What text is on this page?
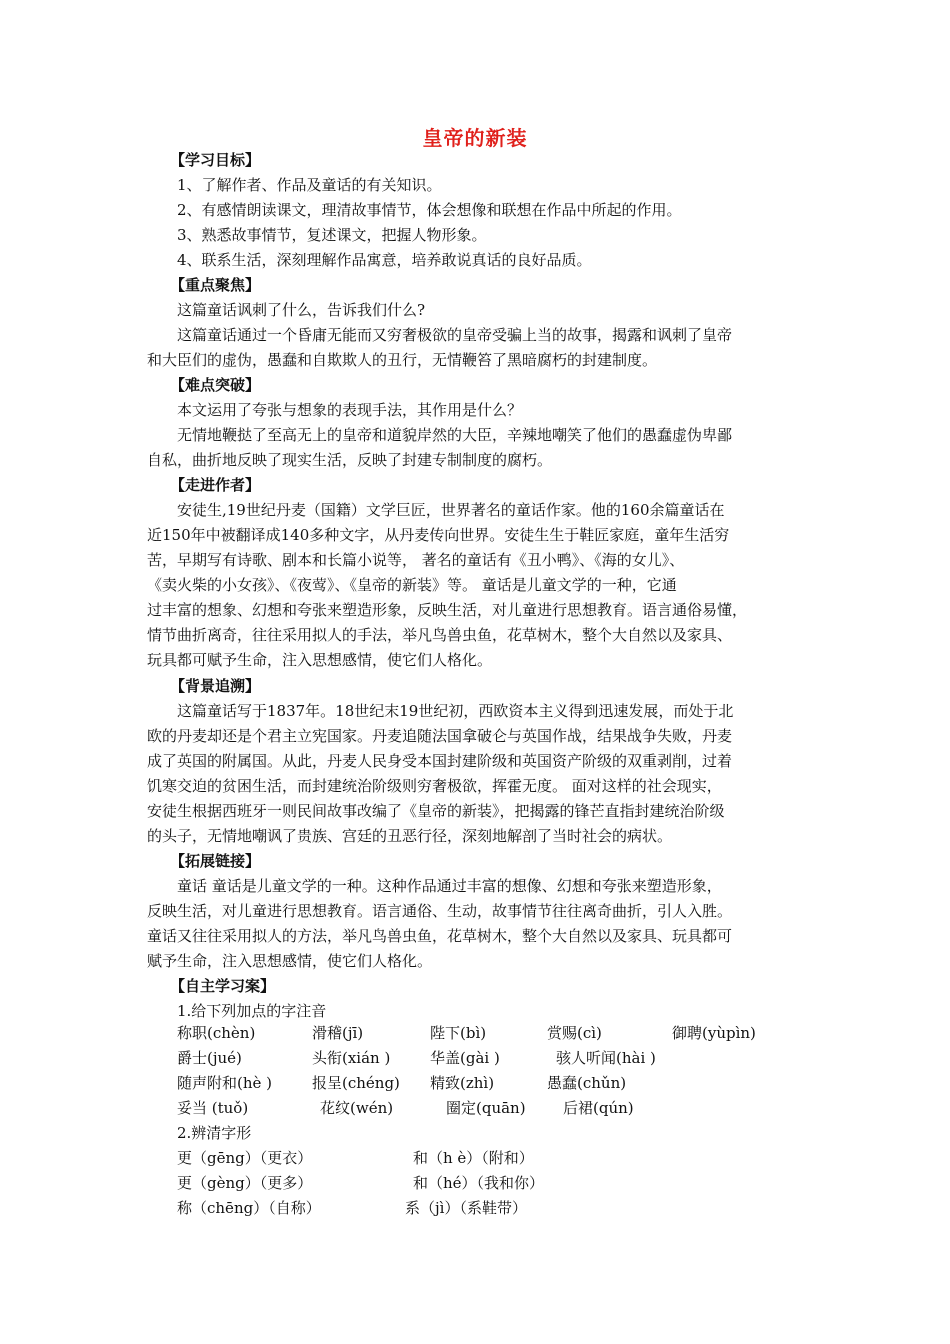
皇帝的新装
【学习目标】
1、了解作者、作品及童话的有关知识。
2、有感情朗读课文，理清故事情节，体会想像和联想在作品中所起的作用。
3、熟悉故事情节，复述课文，把握人物形象。
4、联系生活，深刻理解作品寓意，培养敢说真话的良好品质。
【重点聚焦】
这篇童话讽刺了什么，告诉我们什么?
这篇童话通过一个昏庸无能而又穷奢极欲的皇帝受骗上当的故事，揭露和讽刺了皇帝
和大臣们的虚伪，愚蠢和自欺欺人的丑行，无情鞭笞了黑暗腐朽的封建制度。
【难点突破】
本文运用了夸张与想象的表现手法，其作用是什么？
无情地鞭挞了至高无上的皇帝和道貌岸然的大臣，辛辣地嘲笑了他们的愚蠢虚伪卑鄙
自私，曲折地反映了现实生活，反映了封建专制制度的腐朽。
【走进作者】
安徒生,19世纪丹麦（国籍）文学巨匠，世界著名的童话作家。他的160余篇童话在
近150年中被翻译成140多种文字，从丹麦传向世界。安徒生生于鞋匠家庭，童年生活穷
苦，早期写有诗歌、剧本和长篇小说等， 著名的童话有《丑小鸭》、《海的女儿》、
《卖火柴的小女孩》、《夜莺》、《皇帝的新装》等。 童话是儿童文学的一种，它通
过丰富的想象、幻想和夸张来塑造形象，反映生活，对儿童进行思想教育。语言通俗易懂，
情节曲折离奇，往往采用拟人的手法，举凡鸟兽虫鱼，花草树木，整个大自然以及家具、
玩具都可赋予生命，注入思想感情，使它们人格化。
【背景追溯】
这篇童话写于1837年。18世纪末19世纪初，西欧资本主义得到迅速发展，而处于北
欧的丹麦却还是个君主立宪国家。丹麦追随法国拿破仑与英国作战，结果战争失败，丹麦
成了英国的附属国。从此，丹麦人民身受本国封建阶级和英国资产阶级的双重剥削，过着
饥寒交迫的贫困生活，而封建统治阶级则穷奢极欲，挥霍无度。 面对这样的社会现实，
安徒生根据西班牙一则民间故事改编了《皇帝的新装》，把揭露的锋芒直指封建统治阶级
的头子，无情地嘲讽了贵族、宫廷的丑恶行径，深刻地解剖了当时社会的病状。
【拓展链接】
童话 童话是儿童文学的一种。这种作品通过丰富的想像、幻想和夸张来塑造形象，
反映生活，对儿童进行思想教育。语言通俗、生动，故事情节往往离奇曲折，引人入胜。
童话又往往采用拟人的方法，举凡鸟兽虫鱼，花草树木，整个大自然以及家具、玩具都可
赋予生命，注入思想感情，使它们人格化。
【自主学习案】
1.给下列加点的字注音
称职(chèn)	滑稽(jī)	陛下(bì)	赏赐(cì)	御聘(yùpìn)
爵士(jué)	头衔(xián )	华盖(gài )	骇人听闻(hài )
随声附和(hè )	报呈(chéng) 精致(zhì)	愚蠢(chǔn)
妥当 (tuǒ)	花纹(wén)	圈定(quān) 后裙(qún)
2.辨清字形
更（gēng）（更衣）	和（h è）（附和）
更（gèng）（更多）	和（hé）（我和你）
称（chēng）（自称）	系（jì）（系鞋带）
